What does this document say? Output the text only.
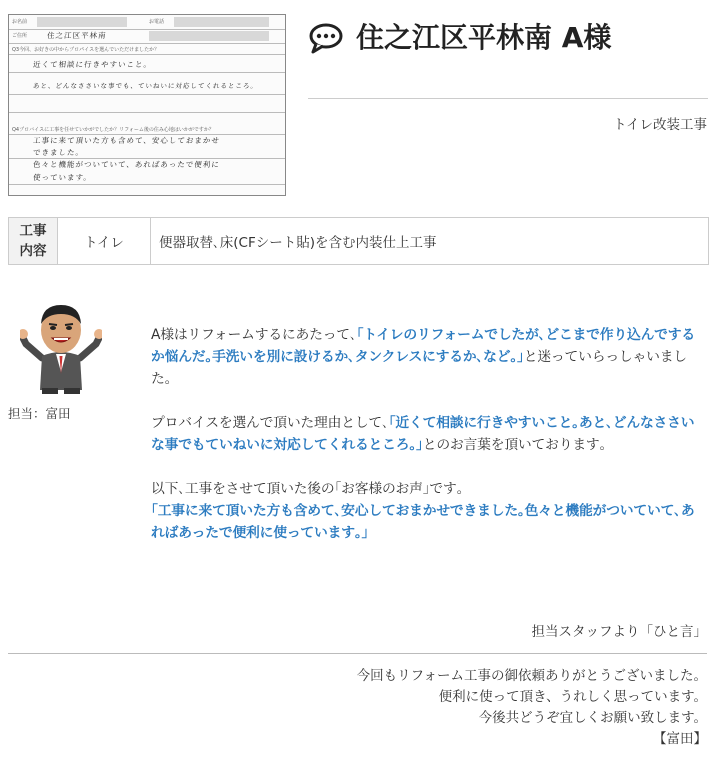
お名前	お電話
ご住所	住之江区平林南
Q3今回、お好きの中からプロパイスを選んでいただけましたか？
近くて相談に行きやすいこと。
あと、どんなささいな事でも、ていねいに対応してくれるところ。
Q4プロバイスに工事を任せていかがでしたか？リフォーム後の住み心地はいかがですか？
工事に来て頂いた方も含めて、安心しておまかせ
できました。
色々と機能がついていて、あればあったで便利に
使っています。
住之江区平林南 A様
トイレ改装工事
工事
内容	トイレ	便器取替､床(CFシート貼)を含む内装仕上工事
担当：富田

A様はリフォームするにあたって､｢トイレのリフォームでしたが､どこまで作り込んでするか悩んだ｡手洗いを別に設けるか､タンクレスにするか､など｡｣と迷っていらっしゃいました｡

プロバイスを選んで頂いた理由として､｢近くて相談に行きやすいこと｡あと､どんなささいな事でもていねいに対応してくれるところ｡｣とのお言葉を頂いております｡

以下､工事をさせて頂いた後の｢お客様のお声｣です｡
｢工事に来て頂いた方も含めて､安心しておまかせできました｡色々と機能がついていて､あればあったで便利に使っています｡｣

担当スタッフより「ひと言」
今回もリフォーム工事の御依頼ありがとうございました。
便利に使って頂き、うれしく思っています。
今後共どうぞ宜しくお願い致します。
【富田】
